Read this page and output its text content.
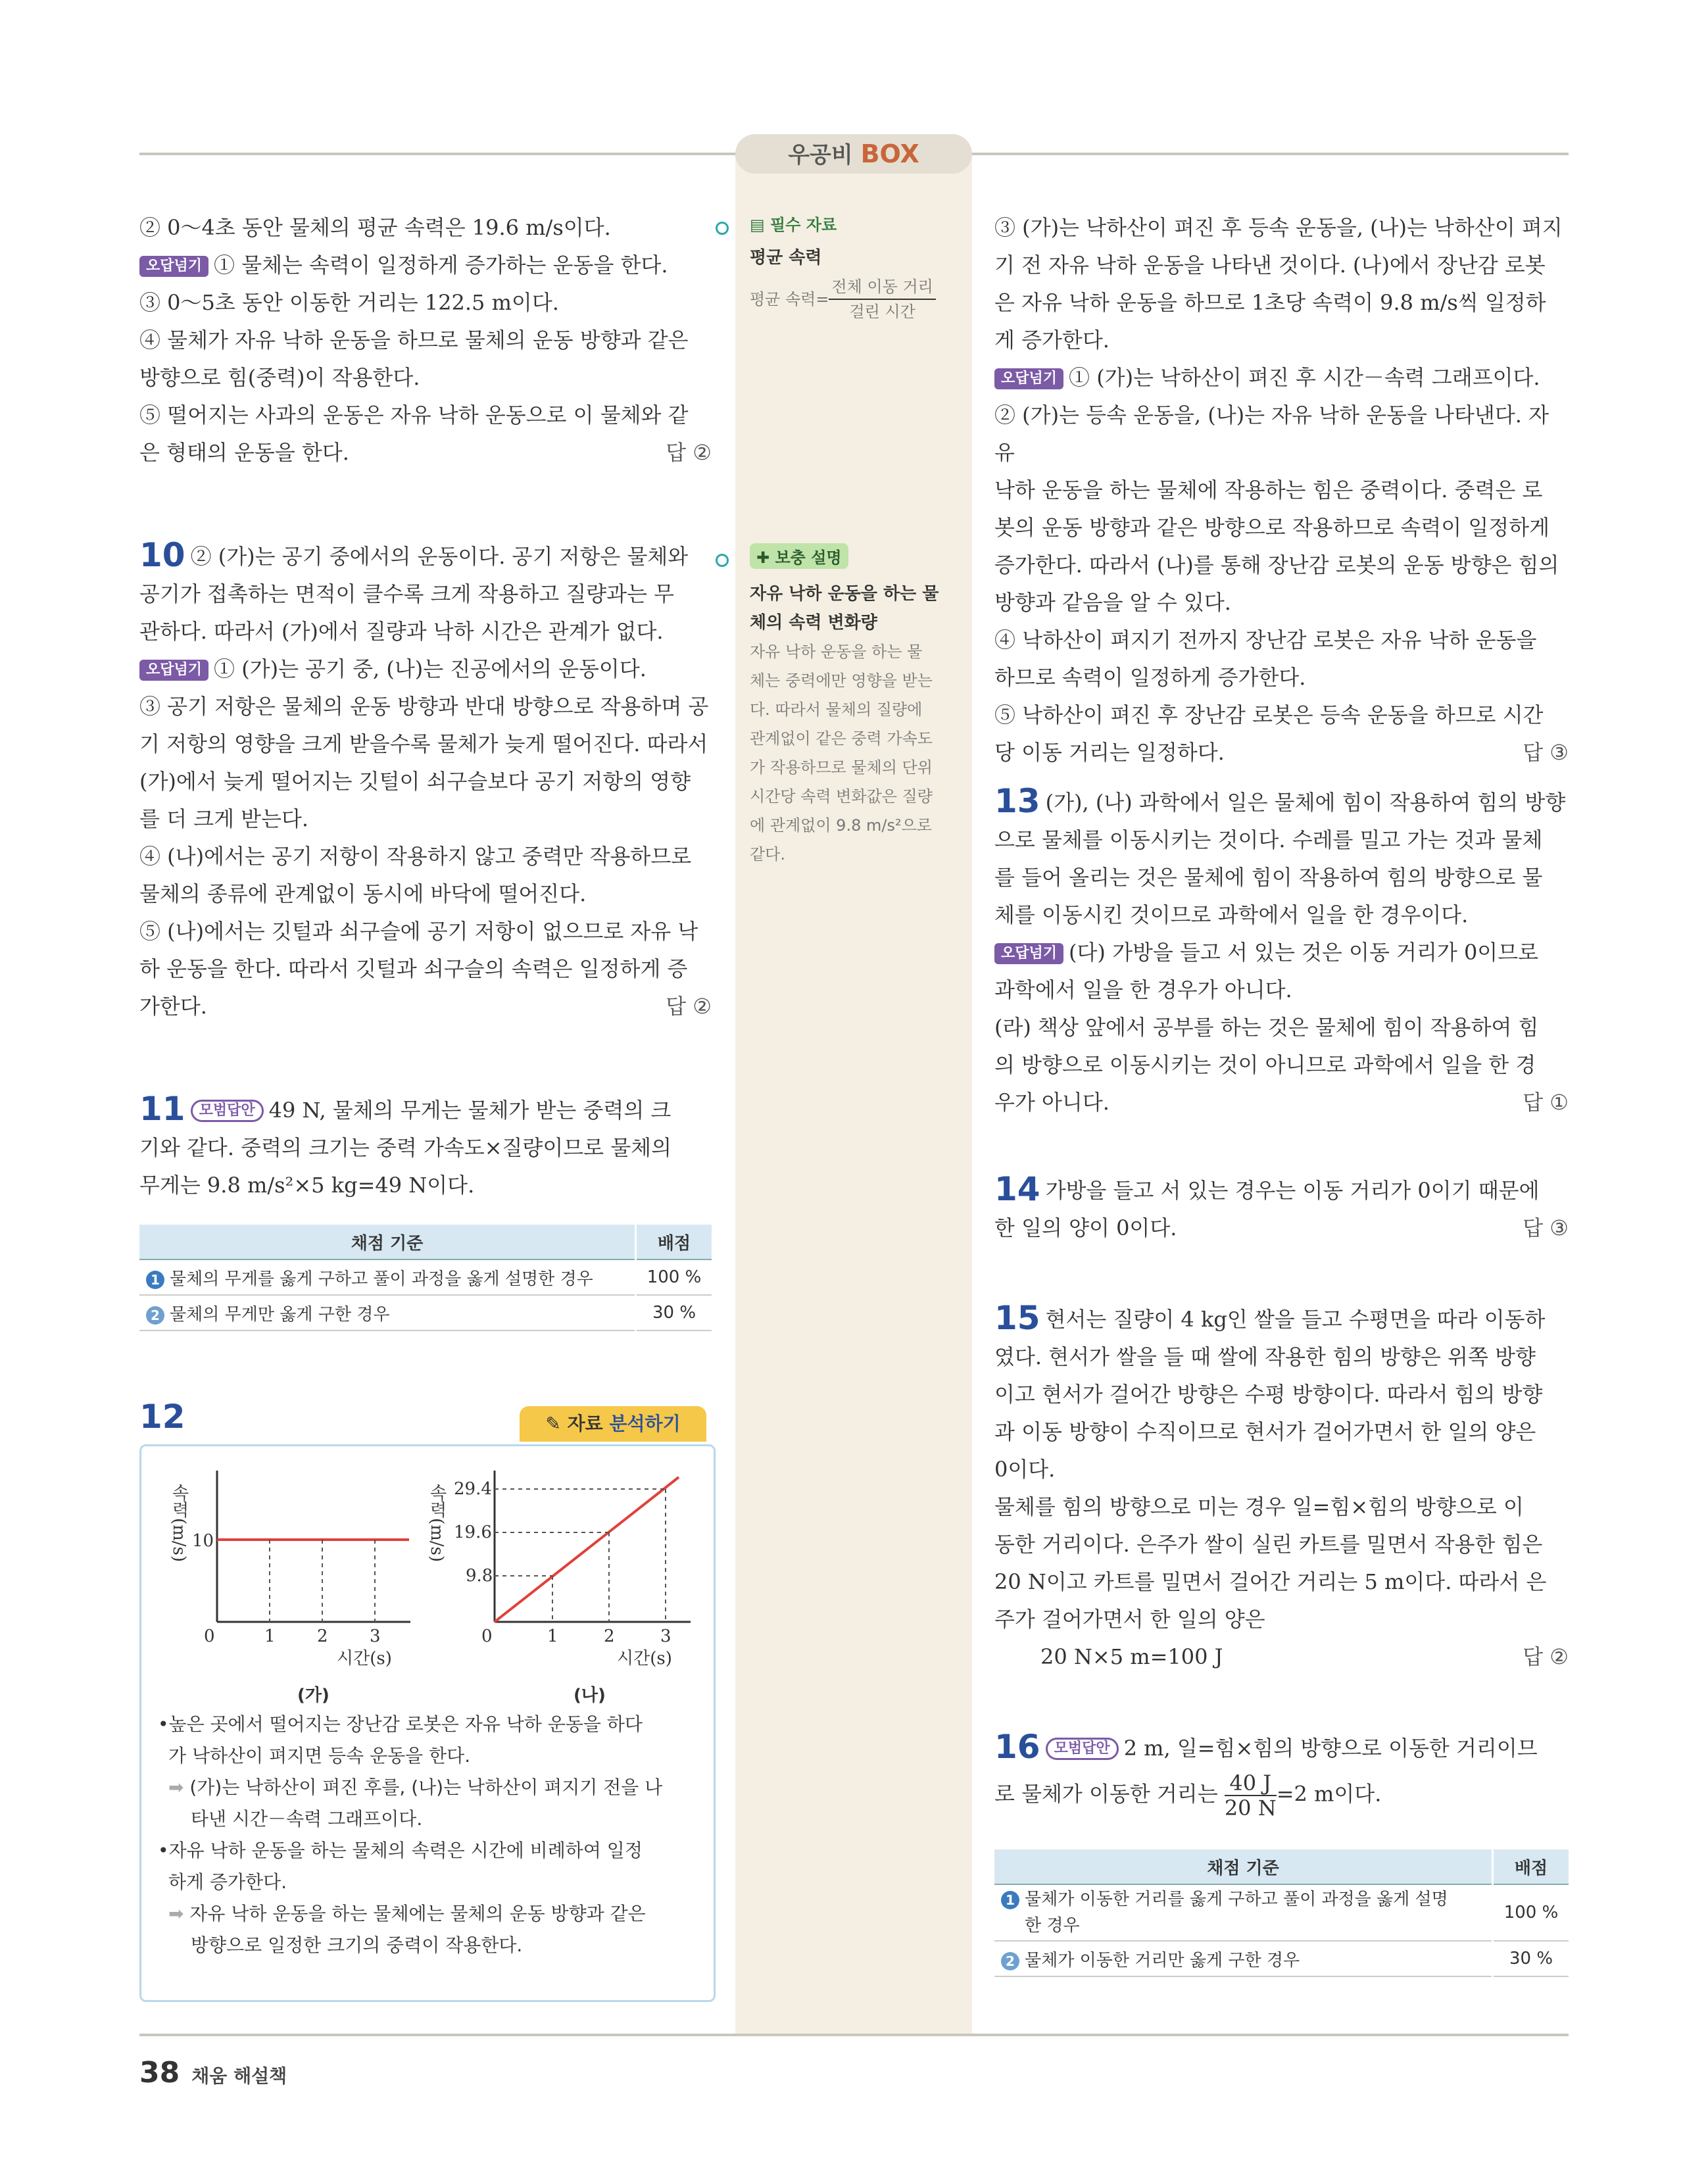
우공비 BOX

② 0～4초 동안 물체의 평균 속력은 19.6 m/s이다.

오답넘기 ① 물체는 속력이 일정하게 증가하는 운동을 한다.

③ 0～5초 동안 이동한 거리는 122.5 m이다.

④ 물체가 자유 낙하 운동을 하므로 물체의 운동 방향과 같은

방향으로 힘(중력)이 작용한다.

⑤ 떨어지는 사과의 운동은 자유 낙하 운동으로 이 물체와 같

은 형태의 운동을 한다.	답 ②

10 ② (가)는 공기 중에서의 운동이다. 공기 저항은 물체와

공기가 접촉하는 면적이 클수록 크게 작용하고 질량과는 무

관하다. 따라서 (가)에서 질량과 낙하 시간은 관계가 없다.

오답넘기 ① (가)는 공기 중, (나)는 진공에서의 운동이다.

③ 공기 저항은 물체의 운동 방향과 반대 방향으로 작용하며 공

기 저항의 영향을 크게 받을수록 물체가 늦게 떨어진다. 따라서

(가)에서 늦게 떨어지는 깃털이 쇠구슬보다 공기 저항의 영향

를 더 크게 받는다.

④ (나)에서는 공기 저항이 작용하지 않고 중력만 작용하므로

물체의 종류에 관계없이 동시에 바닥에 떨어진다.

⑤ (나)에서는 깃털과 쇠구슬에 공기 저항이 없으므로 자유 낙

하 운동을 한다. 따라서 깃털과 쇠구슬의 속력은 일정하게 증

가한다.	답 ②

11 모범답안 49 N, 물체의 무게는 물체가 받는 중력의 크

기와 같다. 중력의 크기는 중력 가속도×질량이므로 물체의

무게는 9.8 m/s²×5 kg=49 N이다.

채점 기준	배점
1 물체의 무게를 옳게 구하고 풀이 과정을 옳게 설명한 경우	100 %
2 물체의 무게만 옳게 구한 경우	30 %
12	✎ 자료 분석하기
속력(m/s) 10
0	1 2 3
시간(s)
(가)
속력(m/s)
9.8
19.6
29.4
0	1	2	3
시간(s)
(나)

•높은 곳에서 떨어지는 장난감 로봇은 자유 낙하 운동을 하다

가 낙하산이 펴지면 등속 운동을 한다.

➡ (가)는 낙하산이 펴진 후를, (나)는 낙하산이 펴지기 전을 나

타낸 시간－속력 그래프이다.

•자유 낙하 운동을 하는 물체의 속력은 시간에 비례하여 일정

하게 증가한다.

➡ 자유 낙하 운동을 하는 물체에는 물체의 운동 방향과 같은

방향으로 일정한 크기의 중력이 작용한다.

▤ 필수 자료
평균 속력
평균 속력= $\frac{\text{전체 이동 거리}}{\text{걸린 시간}}$
✚ 보충 설명
자유 낙하 운동을 하는 물
체의 속력 변화량
자유 낙하 운동을 하는 물
체는 중력에만 영향을 받는
다. 따라서 물체의 질량에
관계없이 같은 중력 가속도
가 작용하므로 물체의 단위
시간당 속력 변화값은 질량
에 관계없이 9.8 m/s²으로
같다.

③ (가)는 낙하산이 펴진 후 등속 운동을, (나)는 낙하산이 펴지

기 전 자유 낙하 운동을 나타낸 것이다. (나)에서 장난감 로봇

은 자유 낙하 운동을 하므로 1초당 속력이 9.8 m/s씩 일정하

게 증가한다.

오답넘기 ① (가)는 낙하산이 펴진 후 시간－속력 그래프이다.

② (가)는 등속 운동을, (나)는 자유 낙하 운동을 나타낸다. 자유

낙하 운동을 하는 물체에 작용하는 힘은 중력이다. 중력은 로

봇의 운동 방향과 같은 방향으로 작용하므로 속력이 일정하게

증가한다. 따라서 (나)를 통해 장난감 로봇의 운동 방향은 힘의

방향과 같음을 알 수 있다.

④ 낙하산이 펴지기 전까지 장난감 로봇은 자유 낙하 운동을

하므로 속력이 일정하게 증가한다.

⑤ 낙하산이 펴진 후 장난감 로봇은 등속 운동을 하므로 시간

당 이동 거리는 일정하다.	답 ③

13 (가), (나) 과학에서 일은 물체에 힘이 작용하여 힘의 방향

으로 물체를 이동시키는 것이다. 수레를 밀고 가는 것과 물체

를 들어 올리는 것은 물체에 힘이 작용하여 힘의 방향으로 물

체를 이동시킨 것이므로 과학에서 일을 한 경우이다.

오답넘기 (다) 가방을 들고 서 있는 것은 이동 거리가 0이므로

과학에서 일을 한 경우가 아니다.

(라) 책상 앞에서 공부를 하는 것은 물체에 힘이 작용하여 힘

의 방향으로 이동시키는 것이 아니므로 과학에서 일을 한 경

우가 아니다.	답 ①

14 가방을 들고 서 있는 경우는 이동 거리가 0이기 때문에

한 일의 양이 0이다.	답 ③

15 현서는 질량이 4 kg인 쌀을 들고 수평면을 따라 이동하

였다. 현서가 쌀을 들 때 쌀에 작용한 힘의 방향은 위쪽 방향

이고 현서가 걸어간 방향은 수평 방향이다. 따라서 힘의 방향

과 이동 방향이 수직이므로 현서가 걸어가면서 한 일의 양은

0이다.

물체를 힘의 방향으로 미는 경우 일=힘×힘의 방향으로 이

동한 거리이다. 은주가 쌀이 실린 카트를 밀면서 작용한 힘은

20 N이고 카트를 밀면서 걸어간 거리는 5 m이다. 따라서 은

주가 걸어가면서 한 일의 양은

20 N×5 m=100 J	답 ②

16 모범답안 2 m, 일=힘×힘의 방향으로 이동한 거리이므

로 물체가 이동한 거리는 $\frac{40 J}{20 N} =2$ m이다.

채점 기준	배점
1 물체가 이동한 거리를 옳게 구하고 풀이 과정을 옳게 설명
한 경우	100 %
2 물체가 이동한 거리만 옳게 구한 경우	30 %
38 채움 해설책
